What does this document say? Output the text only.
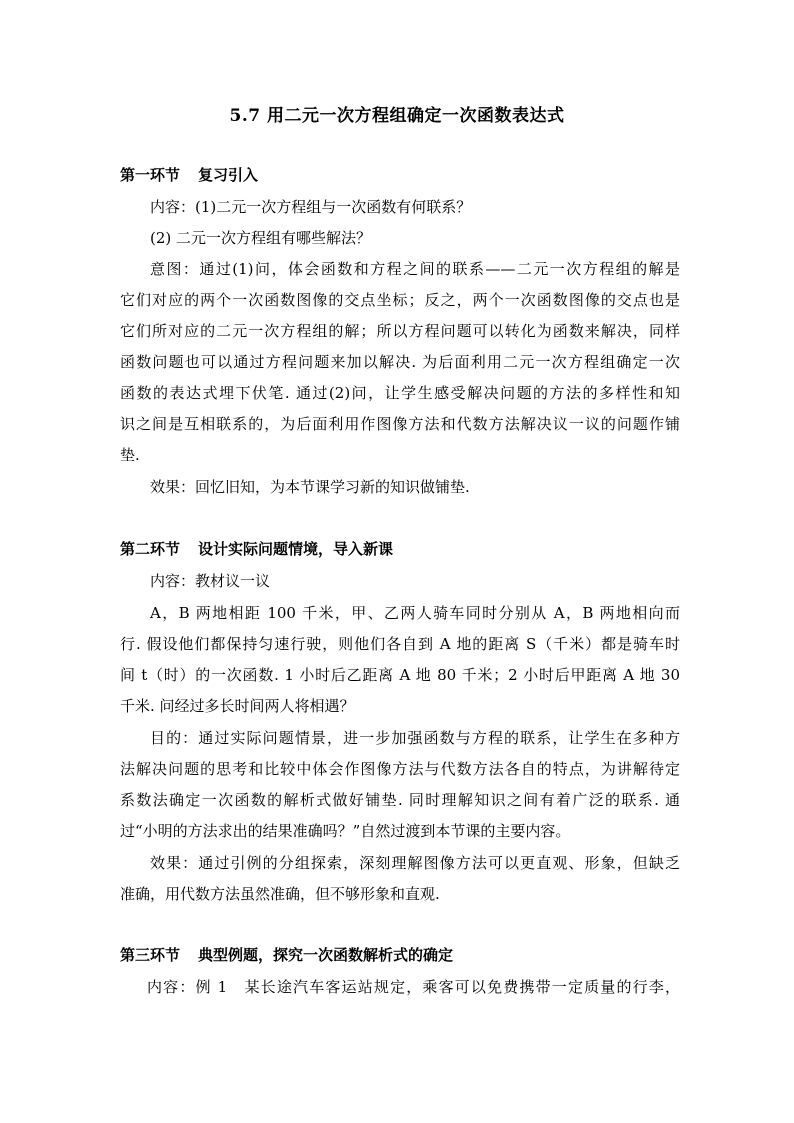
5.7 用二元一次方程组确定一次函数表达式
第一环节 复习引入
内容：(1)二元一次方程组与一次函数有何联系？
(2) 二元一次方程组有哪些解法？
意图：通过(1)问，体会函数和方程之间的联系——二元一次方程组的解是
它们对应的两个一次函数图像的交点坐标；反之，两个一次函数图像的交点也是
它们所对应的二元一次方程组的解；所以方程问题可以转化为函数来解决，同样
函数问题也可以通过方程问题来加以解决. 为后面利用二元一次方程组确定一次
函数的表达式埋下伏笔. 通过(2)问，让学生感受解决问题的方法的多样性和知
识之间是互相联系的，为后面利用作图像方法和代数方法解决议一议的问题作铺
垫.
效果：回忆旧知，为本节课学习新的知识做铺垫.
第二环节 设计实际问题情境，导入新课
内容：教材议一议
A，B 两地相距 100 千米，甲、乙两人骑车同时分别从 A，B 两地相向而
行. 假设他们都保持匀速行驶，则他们各自到 A 地的距离 S（千米）都是骑车时
间 t（时）的一次函数. 1 小时后乙距离 A 地 80 千米；2 小时后甲距离 A 地 30
千米. 问经过多长时间两人将相遇？
目的：通过实际问题情景，进一步加强函数与方程的联系，让学生在多种方
法解决问题的思考和比较中体会作图像方法与代数方法各自的特点，为讲解待定
系数法确定一次函数的解析式做好铺垫. 同时理解知识之间有着广泛的联系. 通
过“小明的方法求出的结果准确吗？”自然过渡到本节课的主要内容。
效果：通过引例的分组探索，深刻理解图像方法可以更直观、形象，但缺乏
准确，用代数方法虽然准确，但不够形象和直观.
第三环节 典型例题，探究一次函数解析式的确定
内容：例 1　某长途汽车客运站规定，乘客可以免费携带一定质量的行李，
